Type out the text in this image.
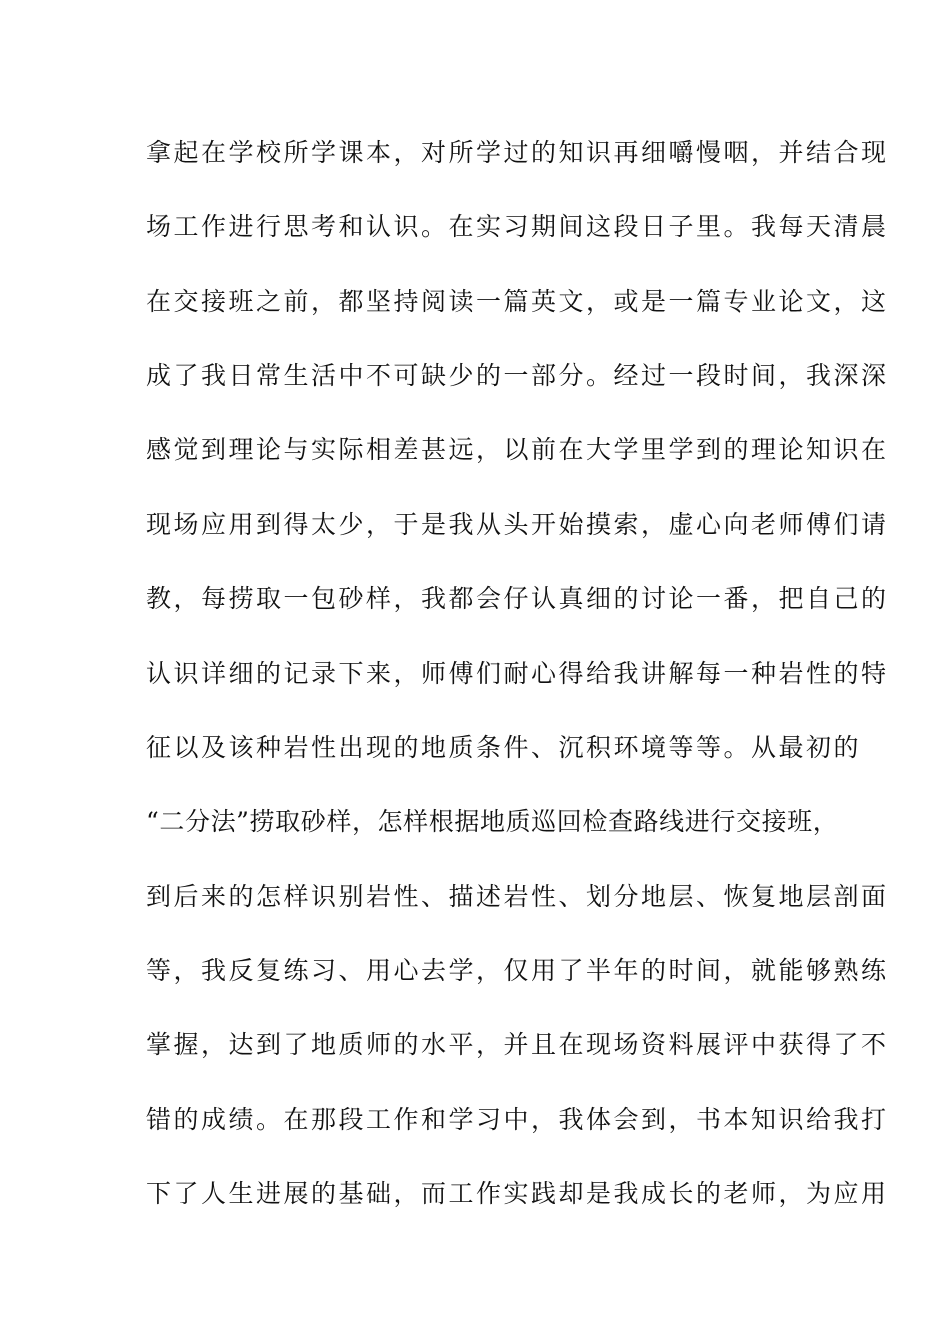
拿起在学校所学课本，对所学过的知识再细嚼慢咽，并结合现
场工作进行思考和认识。在实习期间这段日子里。我每天清晨
在交接班之前，都坚持阅读一篇英文，或是一篇专业论文，这
成了我日常生活中不可缺少的一部分。经过一段时间，我深深
感觉到理论与实际相差甚远，以前在大学里学到的理论知识在
现场应用到得太少，于是我从头开始摸索，虚心向老师傅们请
教，每捞取一包砂样，我都会仔认真细的讨论一番，把自己的
认识详细的记录下来，师傅们耐心得给我讲解每一种岩性的特
征以及该种岩性出现的地质条件、沉积环境等等。从最初的
“二分法”捞取砂样，怎样根据地质巡回检查路线进行交接班，
到后来的怎样识别岩性、描述岩性、划分地层、恢复地层剖面
等，我反复练习、用心去学，仅用了半年的时间，就能够熟练
掌握，达到了地质师的水平，并且在现场资料展评中获得了不
错的成绩。在那段工作和学习中，我体会到，书本知识给我打
下了人生进展的基础，而工作实践却是我成长的老师，为应用
